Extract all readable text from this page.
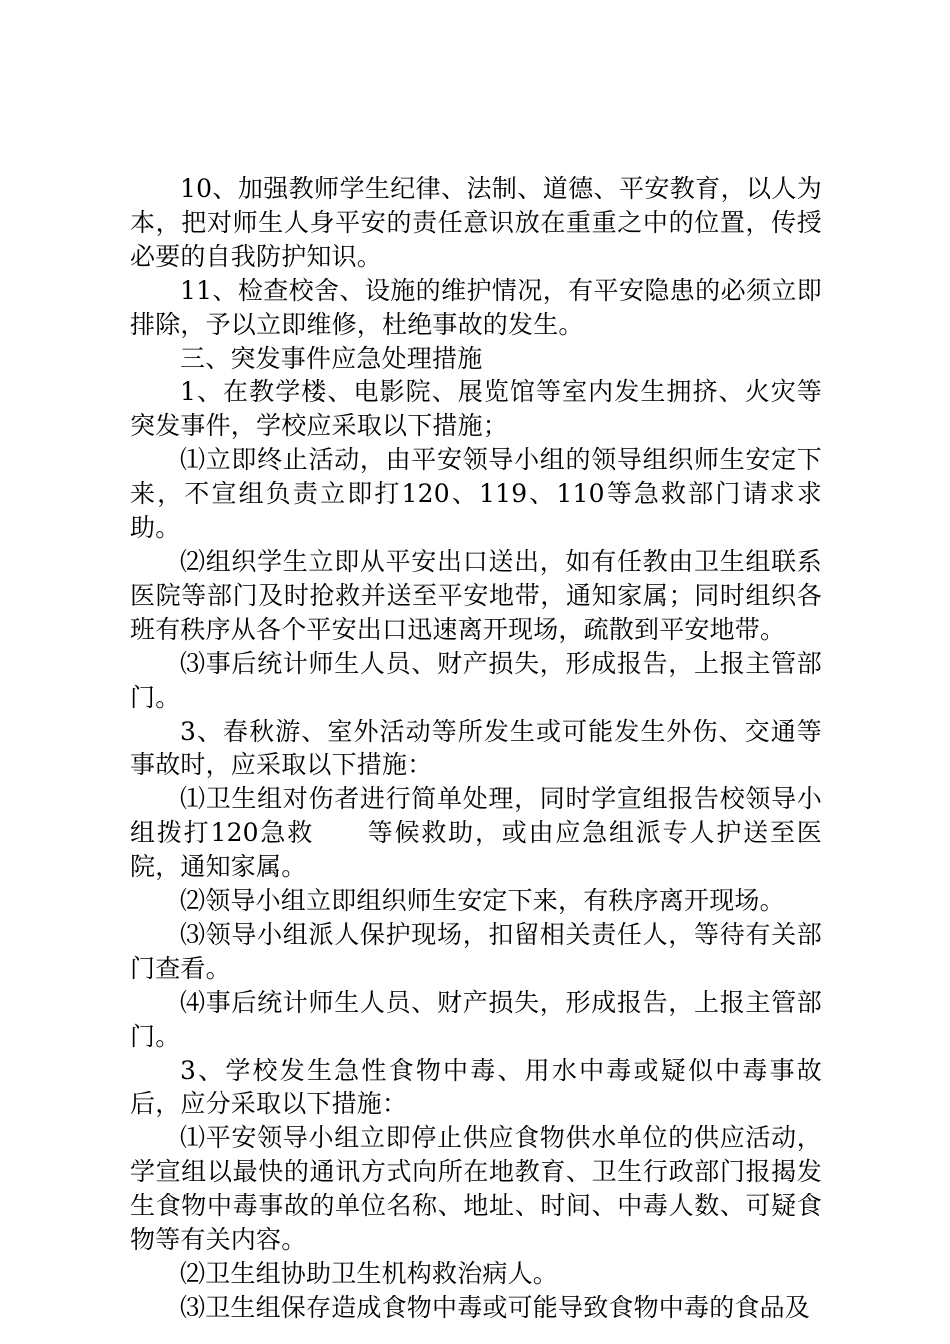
10、加强教师学生纪律、法制、道德、平安教育，以人为本，把对师生人身平安的责任意识放在重重之中的位置，传授必要的自我防护知识。

11、检查校舍、设施的维护情况，有平安隐患的必须立即排除，予以立即维修，杜绝事故的发生。

三、突发事件应急处理措施

1、在教学楼、电影院、展览馆等室内发生拥挤、火灾等突发事件，学校应采取以下措施；

⑴立即终止活动，由平安领导小组的领导组织师生安定下来，不宣组负责立即打120、119、110等急救部门请求求助。

⑵组织学生立即从平安出口送出，如有任教由卫生组联系医院等部门及时抢救并送至平安地带，通知家属；同时组织各班有秩序从各个平安出口迅速离开现场，疏散到平安地带。

⑶事后统计师生人员、财产损失，形成报告，上报主管部门。

3、春秋游、室外活动等所发生或可能发生外伤、交通等事故时，应采取以下措施：

⑴卫生组对伤者进行简单处理，同时学宣组报告校领导小组拨打120急救　　等候救助，或由应急组派专人护送至医院，通知家属。

⑵领导小组立即组织师生安定下来，有秩序离开现场。

⑶领导小组派人保护现场，扣留相关责任人，等待有关部门查看。

⑷事后统计师生人员、财产损失，形成报告，上报主管部门。

3、学校发生急性食物中毒、用水中毒或疑似中毒事故后，应分采取以下措施：

⑴平安领导小组立即停止供应食物供水单位的供应活动，学宣组以最快的通讯方式向所在地教育、卫生行政部门报揭发生食物中毒事故的单位名称、地址、时间、中毒人数、可疑食物等有关内容。

⑵卫生组协助卫生机构救治病人。

⑶卫生组保存造成食物中毒或可能导致食物中毒的食品及
